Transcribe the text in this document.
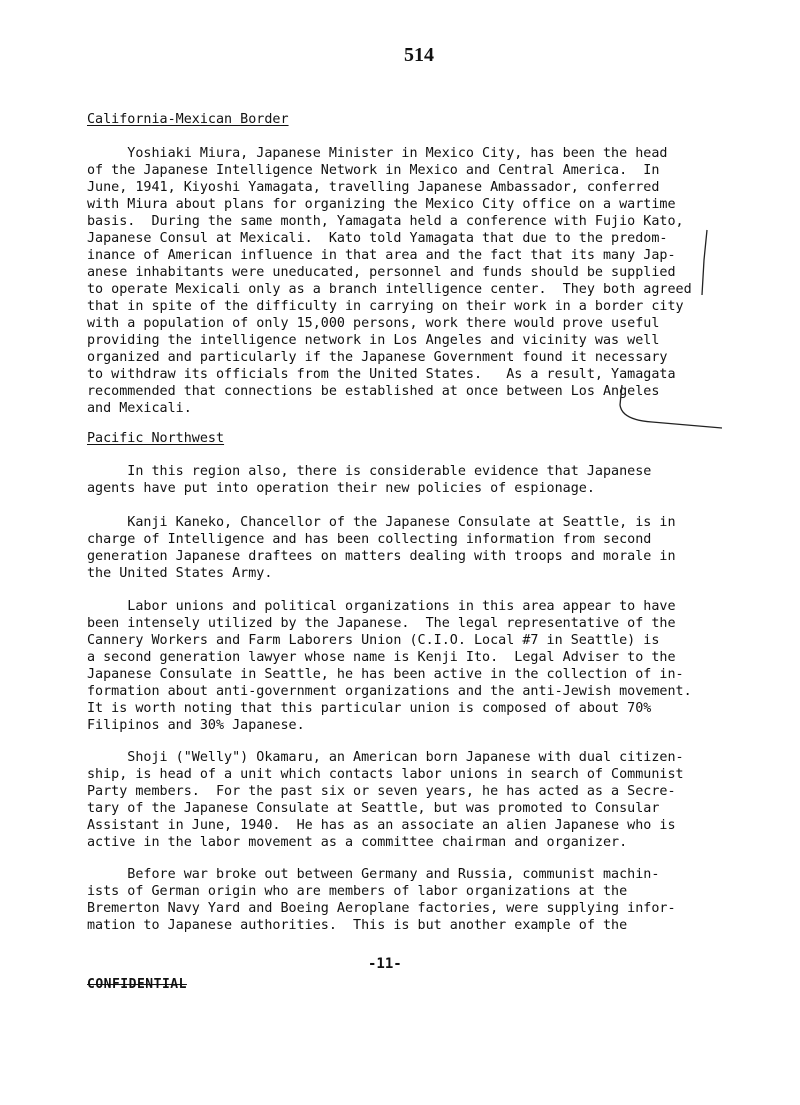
514
California-Mexican Border
Yoshiaki Miura, Japanese Minister in Mexico City, has been the head
of the Japanese Intelligence Network in Mexico and Central America.  In
June, 1941, Kiyoshi Yamagata, travelling Japanese Ambassador, conferred
with Miura about plans for organizing the Mexico City office on a wartime
basis.  During the same month, Yamagata held a conference with Fujio Kato,
Japanese Consul at Mexicali.  Kato told Yamagata that due to the predom-
inance of American influence in that area and the fact that its many Jap-
anese inhabitants were uneducated, personnel and funds should be supplied
to operate Mexicali only as a branch intelligence center.  They both agreed
that in spite of the difficulty in carrying on their work in a border city
with a population of only 15,000 persons, work there would prove useful
providing the intelligence network in Los Angeles and vicinity was well
organized and particularly if the Japanese Government found it necessary
to withdraw its officials from the United States.   As a result, Yamagata
recommended that connections be established at once between Los Angeles
and Mexicali.
Pacific Northwest
In this region also, there is considerable evidence that Japanese
agents have put into operation their new policies of espionage.
Kanji Kaneko, Chancellor of the Japanese Consulate at Seattle, is in
charge of Intelligence and has been collecting information from second
generation Japanese draftees on matters dealing with troops and morale in
the United States Army.
Labor unions and political organizations in this area appear to have
been intensely utilized by the Japanese.  The legal representative of the
Cannery Workers and Farm Laborers Union (C.I.O. Local #7 in Seattle) is
a second generation lawyer whose name is Kenji Ito.  Legal Adviser to the
Japanese Consulate in Seattle, he has been active in the collection of in-
formation about anti-government organizations and the anti-Jewish movement.
It is worth noting that this particular union is composed of about 70%
Filipinos and 30% Japanese.
Shoji ("Welly") Okamaru, an American born Japanese with dual citizen-
ship, is head of a unit which contacts labor unions in search of Communist
Party members.  For the past six or seven years, he has acted as a Secre-
tary of the Japanese Consulate at Seattle, but was promoted to Consular
Assistant in June, 1940.  He has as an associate an alien Japanese who is
active in the labor movement as a committee chairman and organizer.
Before war broke out between Germany and Russia, communist machin-
ists of German origin who are members of labor organizations at the
Bremerton Navy Yard and Boeing Aeroplane factories, were supplying infor-
mation to Japanese authorities.  This is but another example of the
-11-
CONFIDENTIAL
